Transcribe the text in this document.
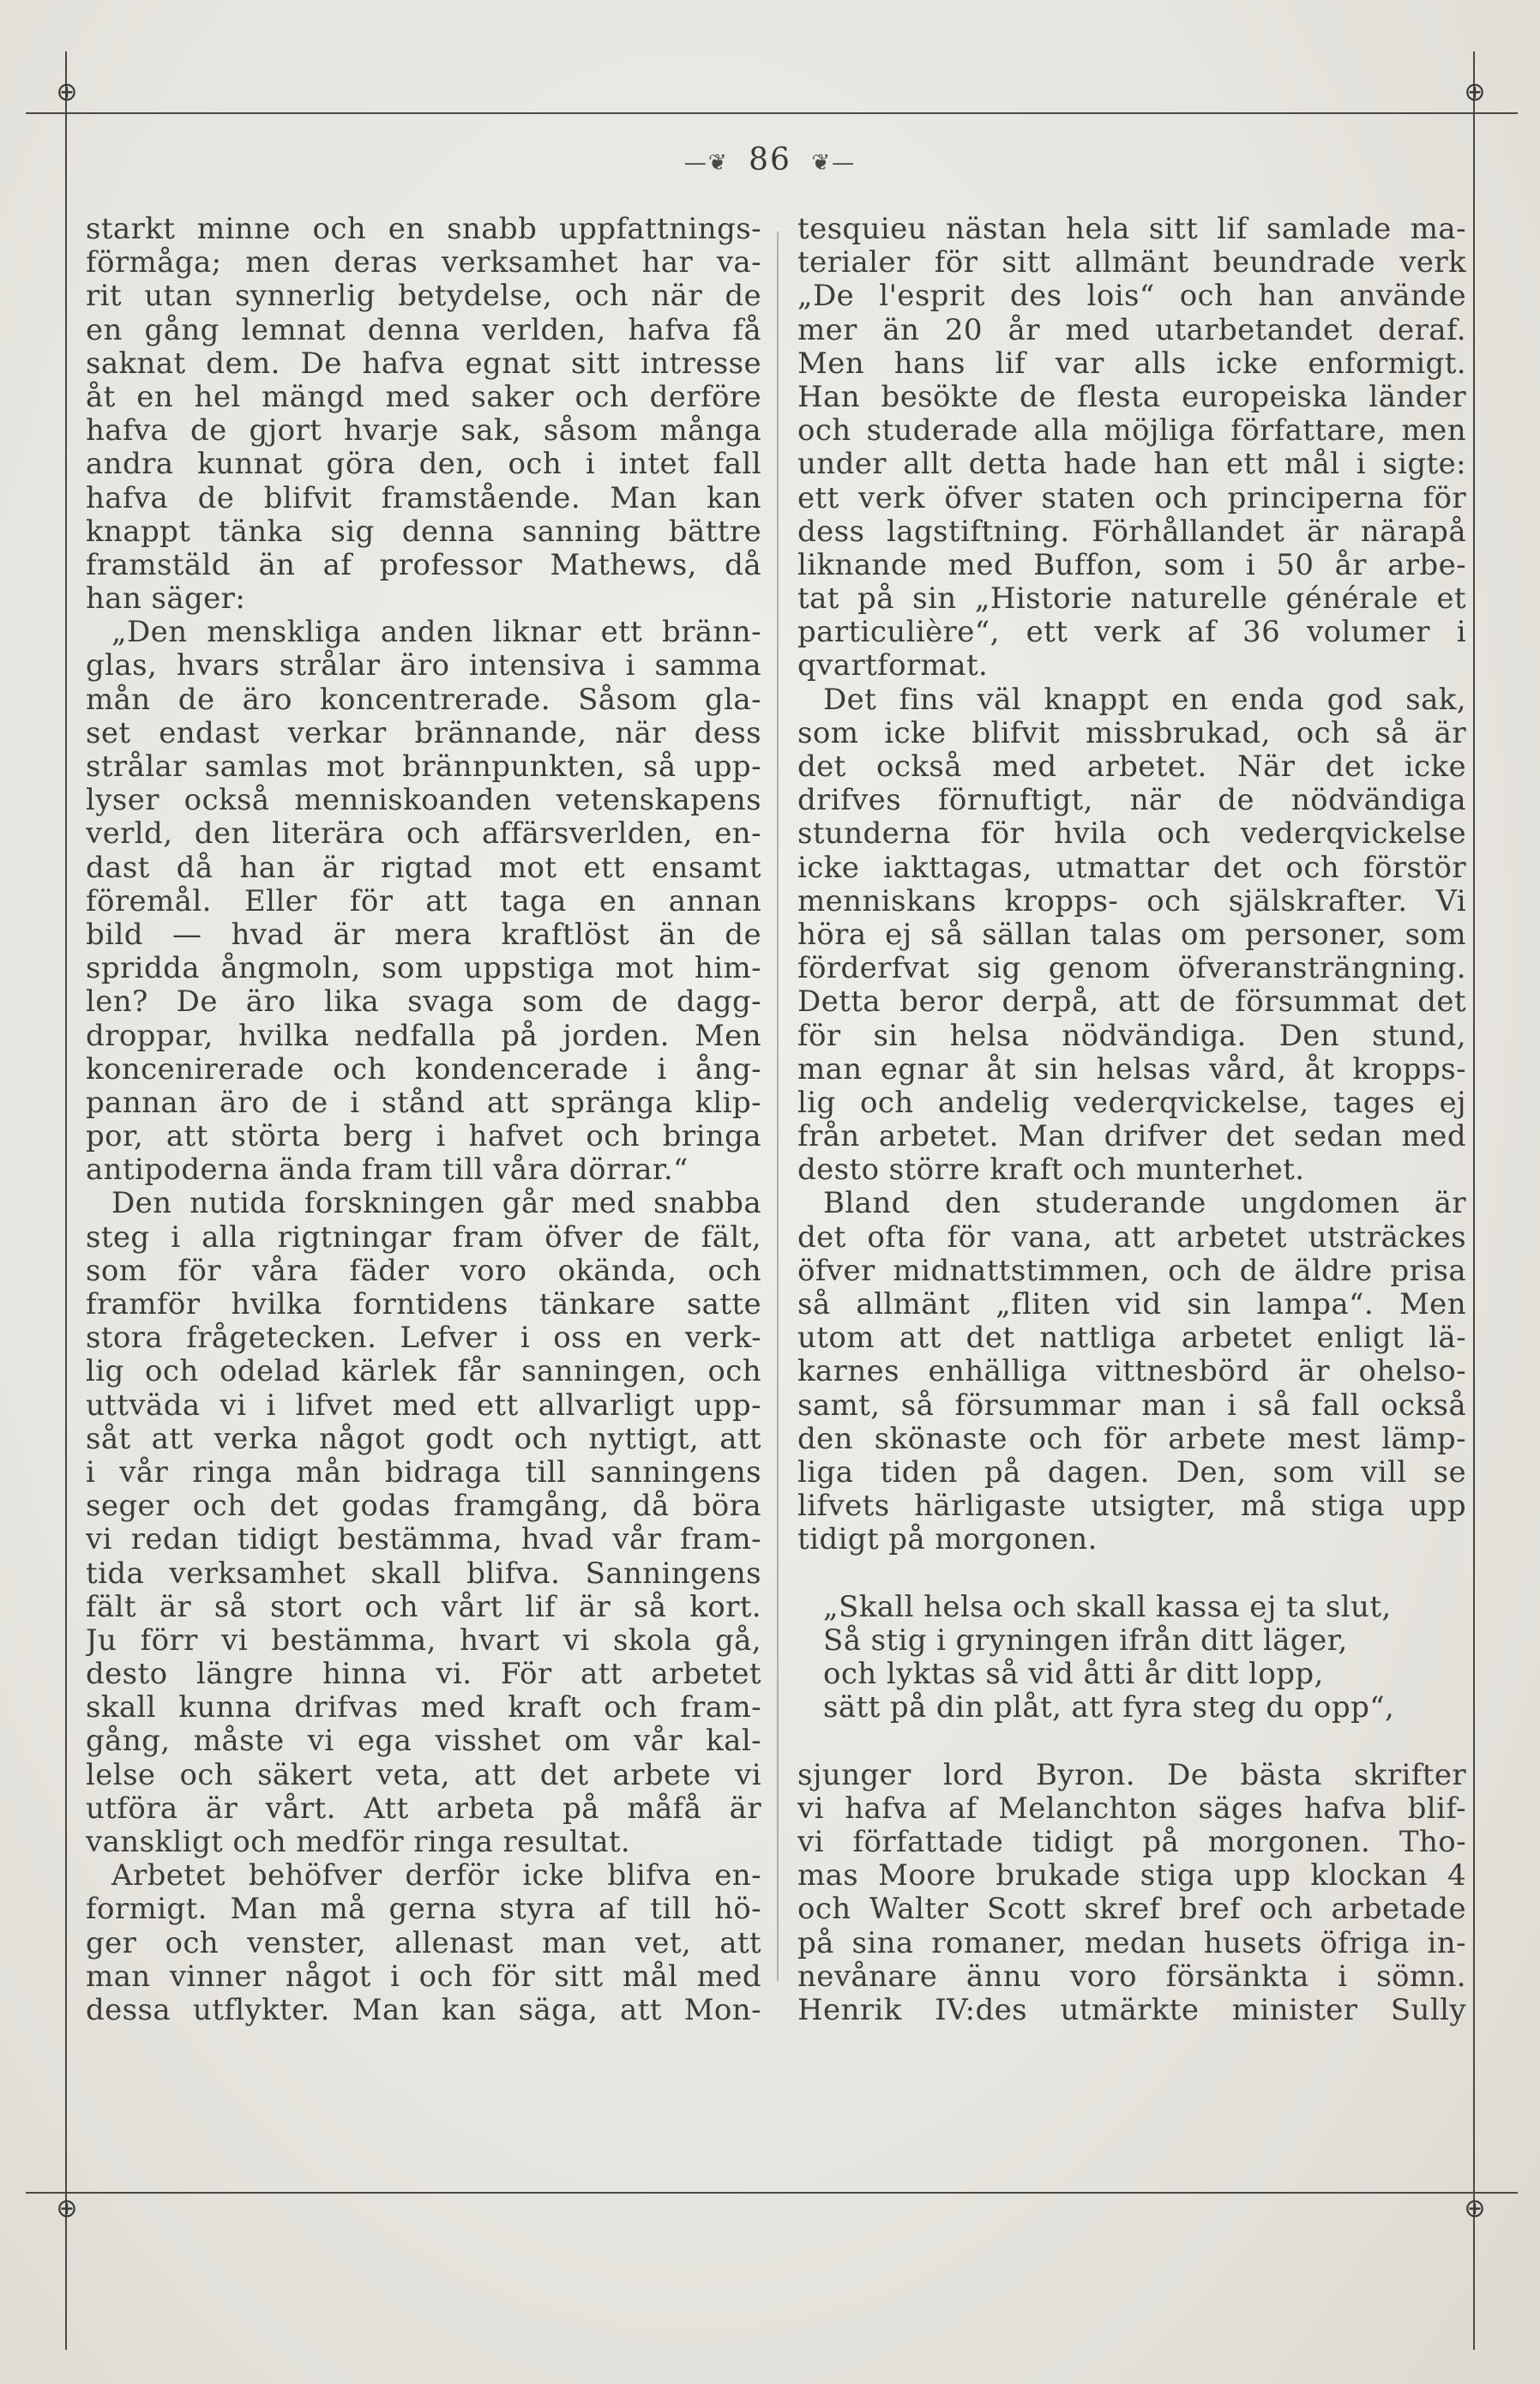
⊕	⊕
⊕	⊕
—❦ 86 ❦—
starkt minne och en snabb uppfattnings-
förmåga; men deras verksamhet har va-
rit utan synnerlig betydelse, och när de
en gång lemnat denna verlden, hafva få
saknat dem. De hafva egnat sitt intresse
åt en hel mängd med saker och derföre
hafva de gjort hvarje sak, såsom många
andra kunnat göra den, och i intet fall
hafva de blifvit framstående. Man kan
knappt tänka sig denna sanning bättre
framstäld än af professor Mathews, då
han säger:
„Den menskliga anden liknar ett bränn-
glas, hvars strålar äro intensiva i samma
mån de äro koncentrerade. Såsom gla-
set endast verkar brännande, när dess
strålar samlas mot brännpunkten, så upp-
lyser också menniskoanden vetenskapens
verld, den literära och affärsverlden, en-
dast då han är rigtad mot ett ensamt
föremål. Eller för att taga en annan
bild — hvad är mera kraftlöst än de
spridda ångmoln, som uppstiga mot him-
len? De äro lika svaga som de dagg-
droppar, hvilka nedfalla på jorden. Men
koncenirerade och kondencerade i ång-
pannan äro de i stånd att spränga klip-
por, att störta berg i hafvet och bringa
antipoderna ända fram till våra dörrar.“
Den nutida forskningen går med snabba
steg i alla rigtningar fram öfver de fält,
som för våra fäder voro okända, och
framför hvilka forntidens tänkare satte
stora frågetecken. Lefver i oss en verk-
lig och odelad kärlek får sanningen, och
uttväda vi i lifvet med ett allvarligt upp-
såt att verka något godt och nyttigt, att
i vår ringa mån bidraga till sanningens
seger och det godas framgång, då böra
vi redan tidigt bestämma, hvad vår fram-
tida verksamhet skall blifva. Sanningens
fält är så stort och vårt lif är så kort.
Ju förr vi bestämma, hvart vi skola gå,
desto längre hinna vi. För att arbetet
skall kunna drifvas med kraft och fram-
gång, måste vi ega visshet om vår kal-
lelse och säkert veta, att det arbete vi
utföra är vårt. Att arbeta på måfå är
vanskligt och medför ringa resultat.
Arbetet behöfver derför icke blifva en-
formigt. Man må gerna styra af till hö-
ger och venster, allenast man vet, att
man vinner något i och för sitt mål med
dessa utflykter. Man kan säga, att Mon-
tesquieu nästan hela sitt lif samlade ma-
terialer för sitt allmänt beundrade verk
„De l'esprit des lois“ och han använde
mer än 20 år med utarbetandet deraf.
Men hans lif var alls icke enformigt.
Han besökte de flesta europeiska länder
och studerade alla möjliga författare, men
under allt detta hade han ett mål i sigte:
ett verk öfver staten och principerna för
dess lagstiftning. Förhållandet är närapå
liknande med Buffon, som i 50 år arbe-
tat på sin „Historie naturelle générale et
particulière“, ett verk af 36 volumer i
qvartformat.
Det fins väl knappt en enda god sak,
som icke blifvit missbrukad, och så är
det också med arbetet. När det icke
drifves förnuftigt, när de nödvändiga
stunderna för hvila och vederqvickelse
icke iakttagas, utmattar det och förstör
menniskans kropps- och själskrafter. Vi
höra ej så sällan talas om personer, som
förderfvat sig genom öfveransträngning.
Detta beror derpå, att de försummat det
för sin helsa nödvändiga. Den stund,
man egnar åt sin helsas vård, åt kropps-
lig och andelig vederqvickelse, tages ej
från arbetet. Man drifver det sedan med
desto större kraft och munterhet.
Bland den studerande ungdomen är
det ofta för vana, att arbetet utsträckes
öfver midnattstimmen, och de äldre prisa
så allmänt „fliten vid sin lampa“. Men
utom att det nattliga arbetet enligt lä-
karnes enhälliga vittnesbörd är ohelso-
samt, så försummar man i så fall också
den skönaste och för arbete mest lämp-
liga tiden på dagen. Den, som vill se
lifvets härligaste utsigter, må stiga upp
tidigt på morgonen.
„Skall helsa och skall kassa ej ta slut,
Så stig i gryningen ifrån ditt läger,
och lyktas så vid åtti år ditt lopp,
sätt på din plåt, att fyra steg du opp“,
sjunger lord Byron. De bästa skrifter
vi hafva af Melanchton säges hafva blif-
vi författade tidigt på morgonen. Tho-
mas Moore brukade stiga upp klockan 4
och Walter Scott skref bref och arbetade
på sina romaner, medan husets öfriga in-
nevånare ännu voro försänkta i sömn.
Henrik IV:des utmärkte minister Sully
